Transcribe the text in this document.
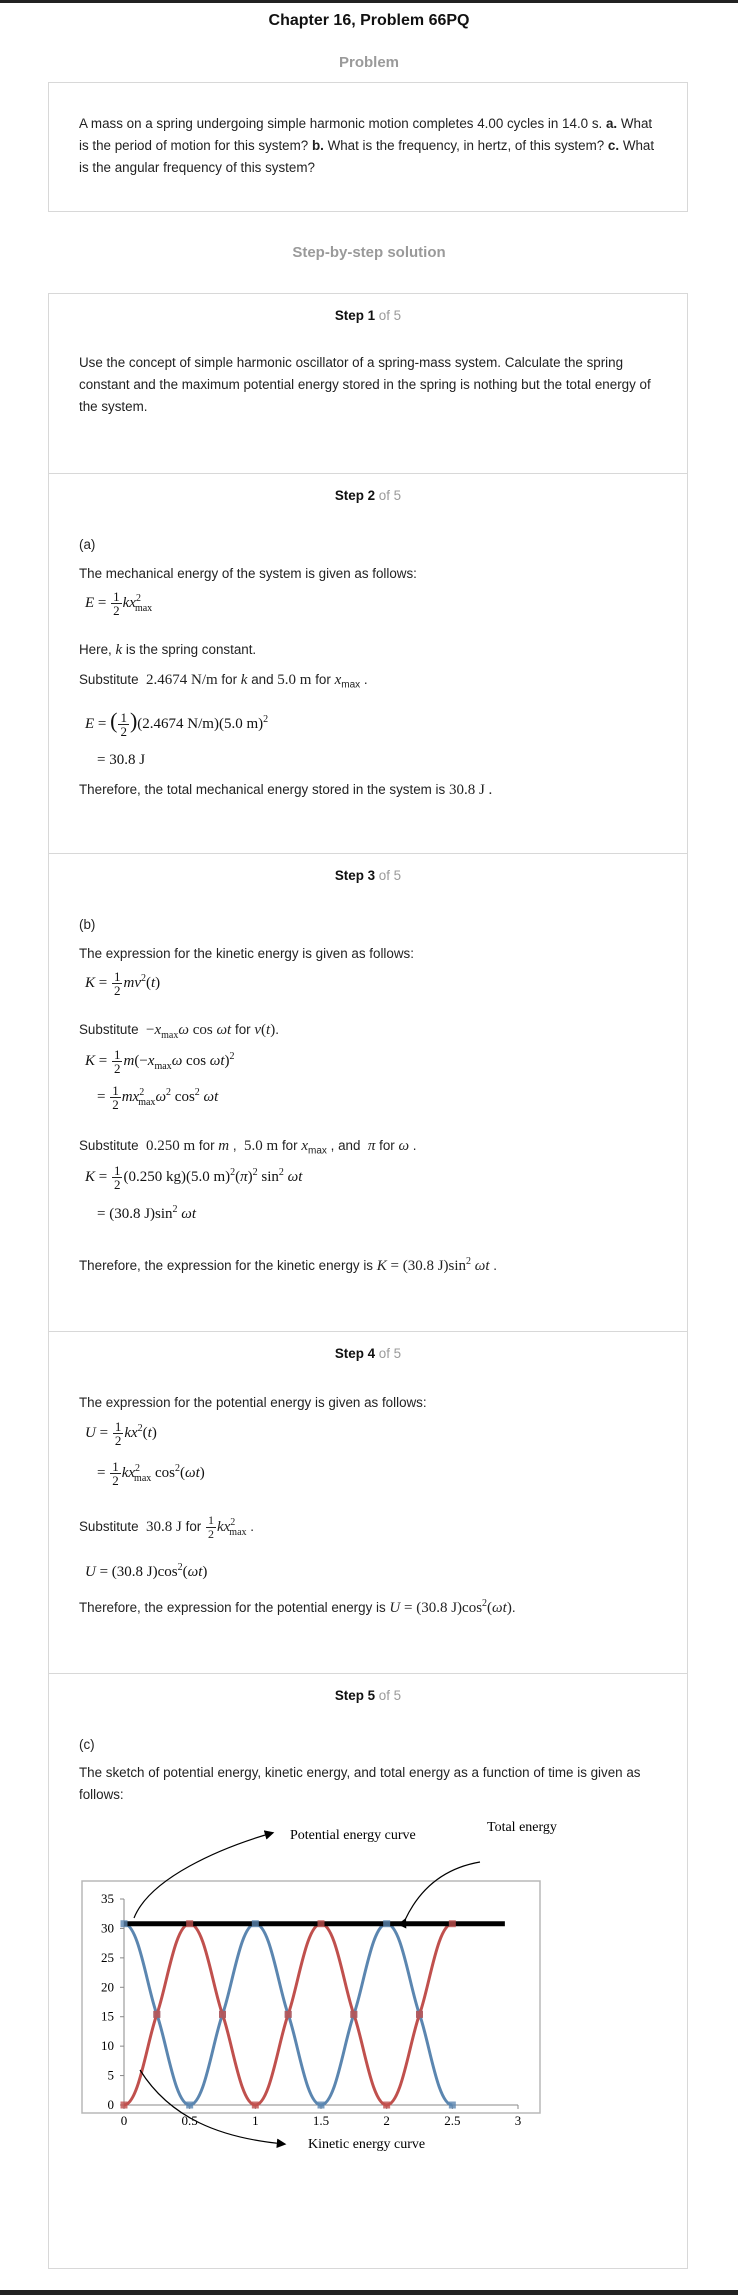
Chapter 16, Problem 66PQ
Problem
A mass on a spring undergoing simple harmonic motion completes 4.00 cycles in 14.0 s. a. What is the period of motion for this system? b. What is the frequency, in hertz, of this system? c. What is the angular frequency of this system?
Step-by-step solution
Step 1 of 5
Use the concept of simple harmonic oscillator of a spring-mass system. Calculate the spring constant and the maximum potential energy stored in the spring is nothing but the total energy of the system.
Step 2 of 5
(a)
The mechanical energy of the system is given as follows:
$E = \frac{1}{2} kx^2_{max}$
Here, k is the spring constant.
Substitute 2.4674 N/m for k and 5.0 m for $x_{max}$ .
E = ( $\frac{1}{2} )(2.4674$ N/m)(5.0 m)$^2$
= 30.8 J
Therefore, the total mechanical energy stored in the system is 30.8 J .
Step 3 of 5
(b)
The expression for the kinetic energy is given as follows:
$K = \frac{1}{2} mv^2(t)$
Substitute $-x_{max}\omega$ cos ωt for v(t).
$K = \frac{1}{2} m(-x_{max}\omega$ cos ωt)$^2$
= $\frac{1}{2} mx^2_{max}\omega^2$ $\cos^2 \omega t$
Substitute 0.250 m for m ,  5.0 m for $x_{max}$ , and π for ω .
$K = \frac{1}{2} (0.250$ kg)(5.0 $m)^2(\pi)^2$ $\sin^2 \omega t$
= (30.8 $J)\sin^2$ ωt
Therefore, the expression for the kinetic energy is K = (30.8 $J)\sin^2$ ωt .
Step 4 of 5
The expression for the potential energy is given as follows:
$U = \frac{1}{2} kx^2(t)$
= $\frac{1}{2} kx^2_{max}$ $\cos^2(\omega t)$
Substitute 30.8 J for $\frac{1}{2} kx^2_{max}$ .
U = (30.8 $J)\cos^2(\omega t)$
Therefore, the expression for the potential energy is U = (30.8 $J)\cos^2(\omega t)$.
Step 5 of 5
(c)
The sketch of potential energy, kinetic energy, and total energy as a function of time is given as follows:
0
5
10
15
20
25
30
35
0	0.5	1	1.5	2	2.5	3
Potential energy curve
Total energy
Kinetic energy curve
